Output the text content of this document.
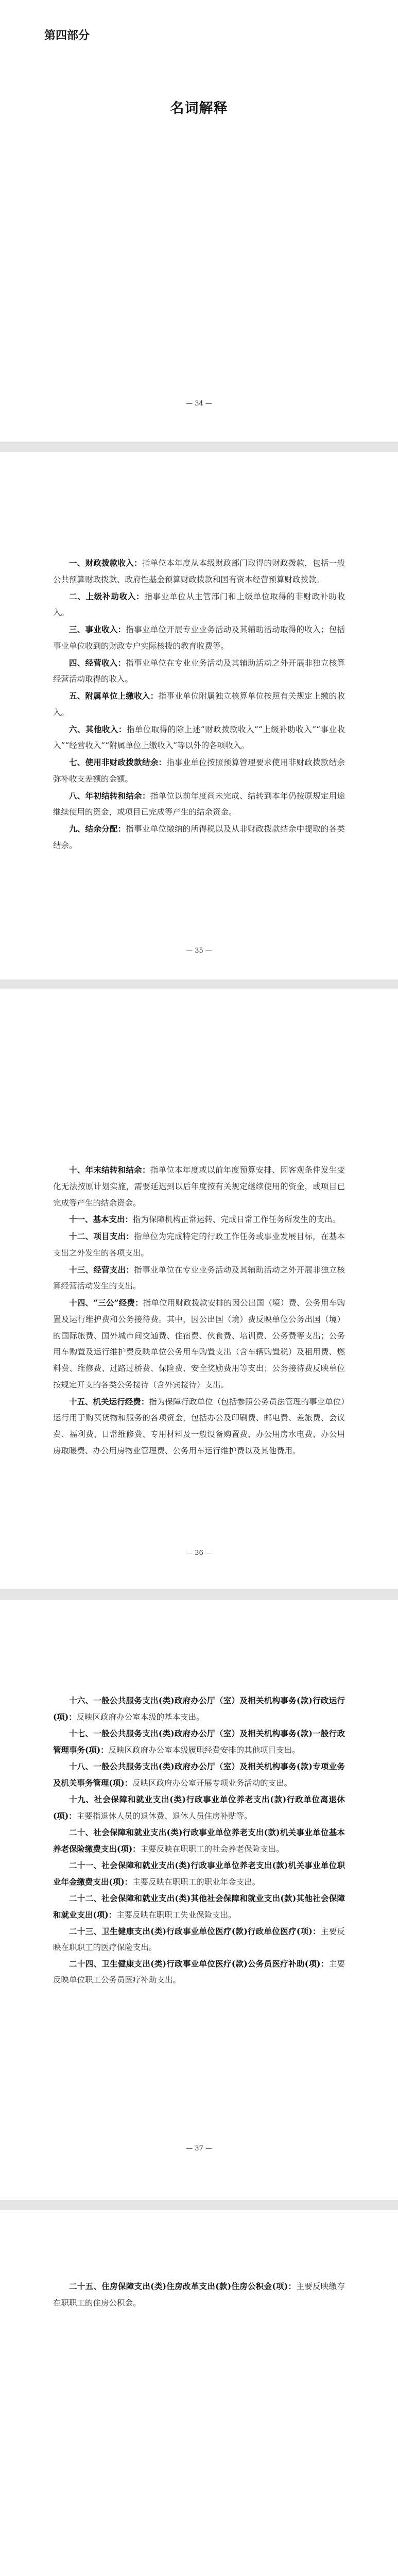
第四部分
名词解释
— 34 —

一、财政拨款收入：指单位本年度从本级财政部门取得的财政拨款，包括一般公共预算财政拨款、政府性基金预算财政拨款和国有资本经营预算财政拨款。

二、上级补助收入：指事业单位从主管部门和上级单位取得的非财政补助收入。

三、事业收入：指事业单位开展专业业务活动及其辅助活动取得的收入；包括事业单位收到的财政专户实际核拨的教育收费等。

四、经营收入：指事业单位在专业业务活动及其辅助活动之外开展非独立核算经营活动取得的收入。

五、附属单位上缴收入：指事业单位附属独立核算单位按照有关规定上缴的收入。

六、其他收入：指单位取得的除上述“财政拨款收入”“上级补助收入”“事业收入”“经营收入”“附属单位上缴收入”等以外的各项收入。

七、使用非财政拨款结余：指事业单位按照预算管理要求使用非财政拨款结余弥补收支差额的金额。

八、年初结转和结余：指单位以前年度尚未完成、结转到本年仍按原规定用途继续使用的资金，或项目已完成等产生的结余资金。

九、结余分配：指事业单位缴纳的所得税以及从非财政拨款结余中提取的各类结余。

— 35 —

十、年末结转和结余：指单位本年度或以前年度预算安排、因客观条件发生变化无法按原计划实施，需要延迟到以后年度按有关规定继续使用的资金，或项目已完成等产生的结余资金。

十一、基本支出：指为保障机构正常运转、完成日常工作任务所发生的支出。

十二、项目支出：指单位为完成特定的行政工作任务或事业发展目标，在基本支出之外发生的各项支出。

十三、经营支出：指事业单位在专业业务活动及其辅助活动之外开展非独立核算经营活动发生的支出。

十四、“三公”经费：指单位用财政拨款安排的因公出国（境）费、公务用车购置及运行维护费和公务接待费。其中，因公出国（境）费反映单位公务出国（境）的国际旅费、国外城市间交通费、住宿费、伙食费、培训费、公务费等支出；公务用车购置及运行维护费反映单位公务用车购置支出（含车辆购置税）及租用费、燃料费、维修费、过路过桥费、保险费、安全奖励费用等支出；公务接待费反映单位按规定开支的各类公务接待（含外宾接待）支出。

十五、机关运行经费：指为保障行政单位（包括参照公务员法管理的事业单位）运行用于购买货物和服务的各项资金，包括办公及印刷费、邮电费、差旅费、会议费、福利费、日常维修费、专用材料及一般设备购置费、办公用房水电费、办公用房取暖费、办公用房物业管理费、公务用车运行维护费以及其他费用。

— 36 —

十六、一般公共服务支出(类)政府办公厅（室）及相关机构事务(款)行政运行(项)：反映区政府办公室本级的基本支出。

十七、一般公共服务支出(类)政府办公厅（室）及相关机构事务(款)一般行政管理事务(项)：反映区政府办公室本级履职经费安排的其他项目支出。

十八、一般公共服务支出(类)政府办公厅（室）及相关机构事务(款)专项业务及机关事务管理(项)：反映区政府办公室开展专项业务活动的支出。

十九、社会保障和就业支出(类)行政事业单位养老支出(款)行政单位离退休(项)：主要指退休人员的退休费、退休人员住房补贴等。

二十、社会保障和就业支出(类)行政事业单位养老支出(款)机关事业单位基本养老保险缴费支出(项)：主要反映在职职工的社会养老保险支出。

二十一、社会保障和就业支出(类)行政事业单位养老支出(款)机关事业单位职业年金缴费支出(项)：主要反映在职职工的职业年金支出。

二十二、社会保障和就业支出(类)其他社会保障和就业支出(款)其他社会保障和就业支出(项)：主要反映在职职工失业保险支出。

二十三、卫生健康支出(类)行政事业单位医疗(款)行政单位医疗(项)：主要反映在职职工的医疗保险支出。

二十四、卫生健康支出(类)行政事业单位医疗(款)公务员医疗补助(项)：主要反映单位职工公务员医疗补助支出。

— 37 —

二十五、住房保障支出(类)住房改革支出(款)住房公积金(项)：主要反映缴存在职职工的住房公积金。
